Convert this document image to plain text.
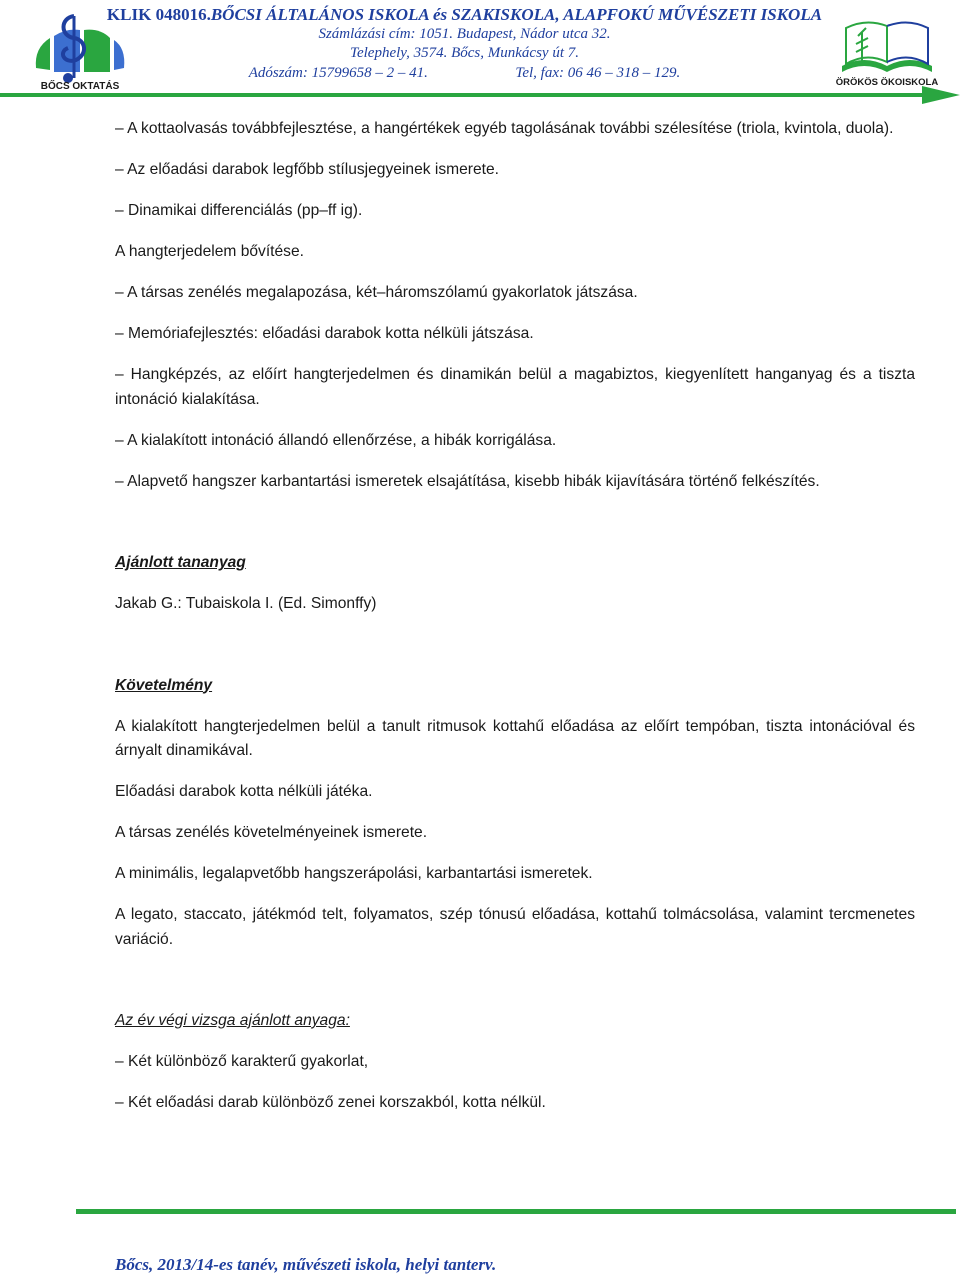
BŐCS OKTATÁS
KLIK 048016.BŐCSI ÁLTALÁNOS ISKOLA és SZAKISKOLA, ALAPFOKÚ MŰVÉSZETI ISKOLA
Számlázási cím: 1051. Budapest, Nádor utca 32.
Telephely, 3574. Bőcs, Munkácsy út 7.
Adószám: 15799658 – 2 – 41.	Tel, fax: 06 46 – 318 – 129.
ÖRÖKÖS ÖKOISKOLA

– A kottaolvasás továbbfejlesztése, a hangértékek egyéb tagolásának további szélesítése (triola, kvintola, duola).

– Az előadási darabok legfőbb stílusjegyeinek ismerete.

– Dinamikai differenciálás (pp–ff ig).

A hangterjedelem bővítése.

– A társas zenélés megalapozása, két–háromszólamú gyakorlatok játszása.

– Memóriafejlesztés: előadási darabok kotta nélküli játszása.

– Hangképzés, az előírt hangterjedelmen és dinamikán belül a magabiztos, kiegyenlített hanganyag és a tiszta intonáció kialakítása.

– A kialakított intonáció állandó ellenőrzése, a hibák korrigálása.

– Alapvető hangszer karbantartási ismeretek elsajátítása, kisebb hibák kijavítására történő felkészítés.

Ajánlott tananyag

Jakab G.: Tubaiskola I. (Ed. Simonffy)

Követelmény

A kialakított hangterjedelmen belül a tanult ritmusok kottahű előadása az előírt tempóban, tiszta intonációval és árnyalt dinamikával.

Előadási darabok kotta nélküli játéka.

A társas zenélés követelményeinek ismerete.

A minimális, legalapvetőbb hangszerápolási, karbantartási ismeretek.

A legato, staccato, játékmód telt, folyamatos, szép tónusú előadása, kottahű tolmácsolása, valamint tercmenetes variáció.

Az év végi vizsga ajánlott anyaga:

– Két különböző karakterű gyakorlat,

– Két előadási darab különböző zenei korszakból, kotta nélkül.

Bőcs, 2013/14-es tanév, művészeti iskola, helyi tanterv.
